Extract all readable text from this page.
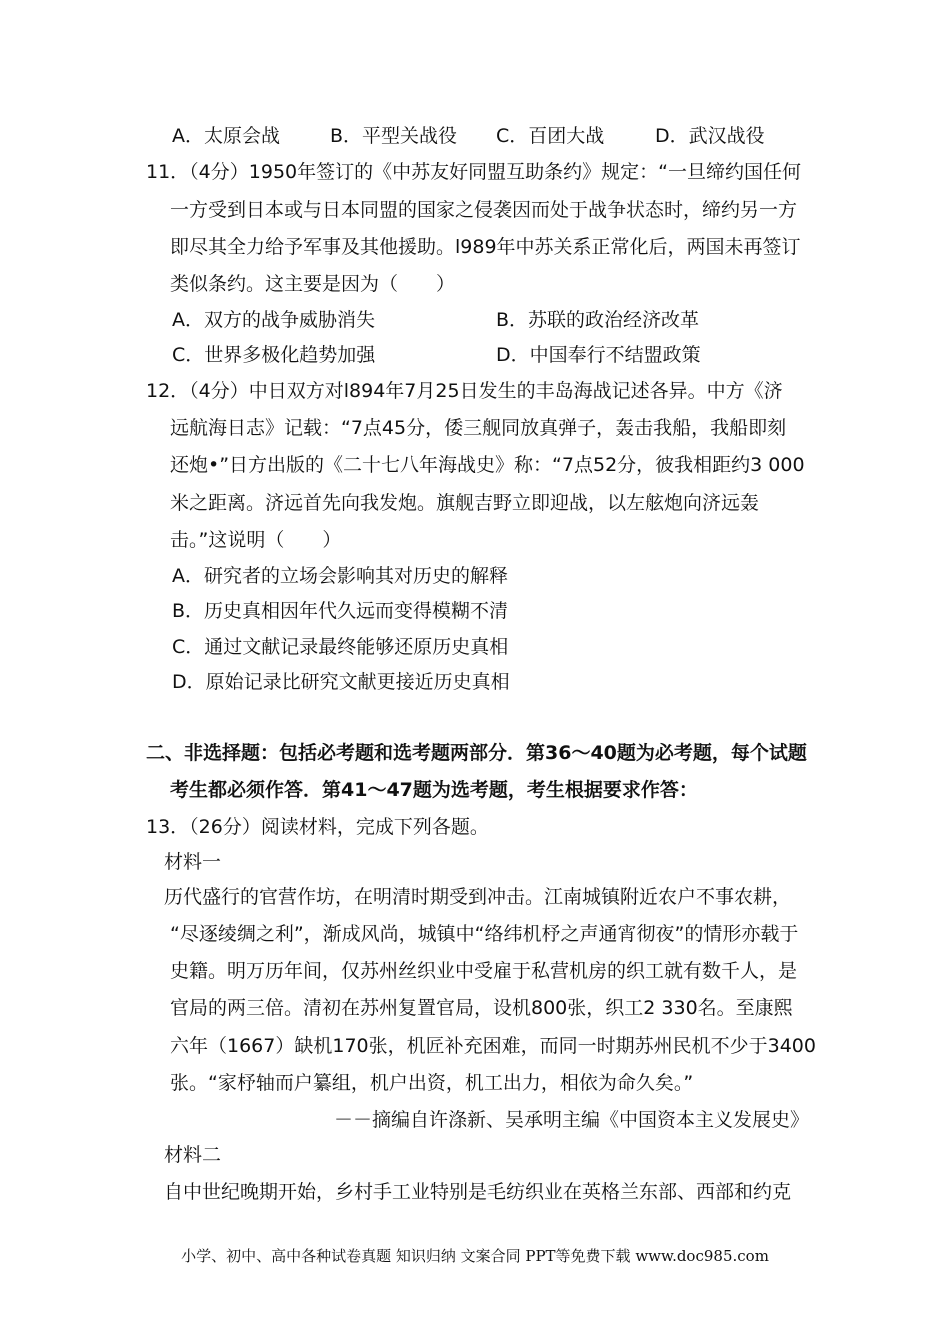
A．太原会战	B．平型关战役 C．百团大战	D．武汉战役
11．（4分）1950年签订的《中苏友好同盟互助条约》规定：“一旦缔约国任何
一方受到日本或与日本同盟的国家之侵袭因而处于战争状态时，缔约另一方
即尽其全力给予军事及其他援助。l989年中苏关系正常化后，两国未再签订
类似条约。这主要是因为（　　）
A．双方的战争威胁消失	B．苏联的政治经济改革
C．世界多极化趋势加强	D．中国奉行不结盟政策
12．（4分）中日双方对l894年7月25日发生的丰岛海战记述各异。中方《济
远航海日志》记载：“7点45分，倭三舰同放真弹子，轰击我船，我船即刻
还炮•”日方出版的《二十七八年海战史》称：“7点52分，彼我相距约3 000
米之距离。济远首先向我发炮。旗舰吉野立即迎战，以左舷炮向济远轰
击。”这说明（　　）
A．研究者的立场会影响其对历史的解释
B．历史真相因年代久远而变得模糊不清
C．通过文献记录最终能够还原历史真相
D．原始记录比研究文献更接近历史真相
二、非选择题：包括必考题和选考题两部分．第36～40题为必考题，每个试题
考生都必须作答．第41～47题为选考题，考生根据要求作答：
13．（26分）阅读材料，完成下列各题。
材料一
历代盛行的官营作坊，在明清时期受到冲击。江南城镇附近农户不事农耕，
“尽逐绫绸之利”，渐成风尚，城镇中“络纬机杼之声通宵彻夜”的情形亦载于
史籍。明万历年间，仅苏州丝织业中受雇于私营机房的织工就有数千人，是
官局的两三倍。清初在苏州复置官局，设机800张，织工2 330名。至康熙
六年（1667）缺机170张，机匠补充困难，而同一时期苏州民机不少于3400
张。“家杼轴而户纂组，机户出资，机工出力，相依为命久矣。”
－－摘编自许涤新、吴承明主编《中国资本主义发展史》
材料二
自中世纪晚期开始，乡村手工业特别是毛纺织业在英格兰东部、西部和约克
小学、初中、高中各种试卷真题 知识归纳 文案合同 PPT等免费下载 www.doc985.com
